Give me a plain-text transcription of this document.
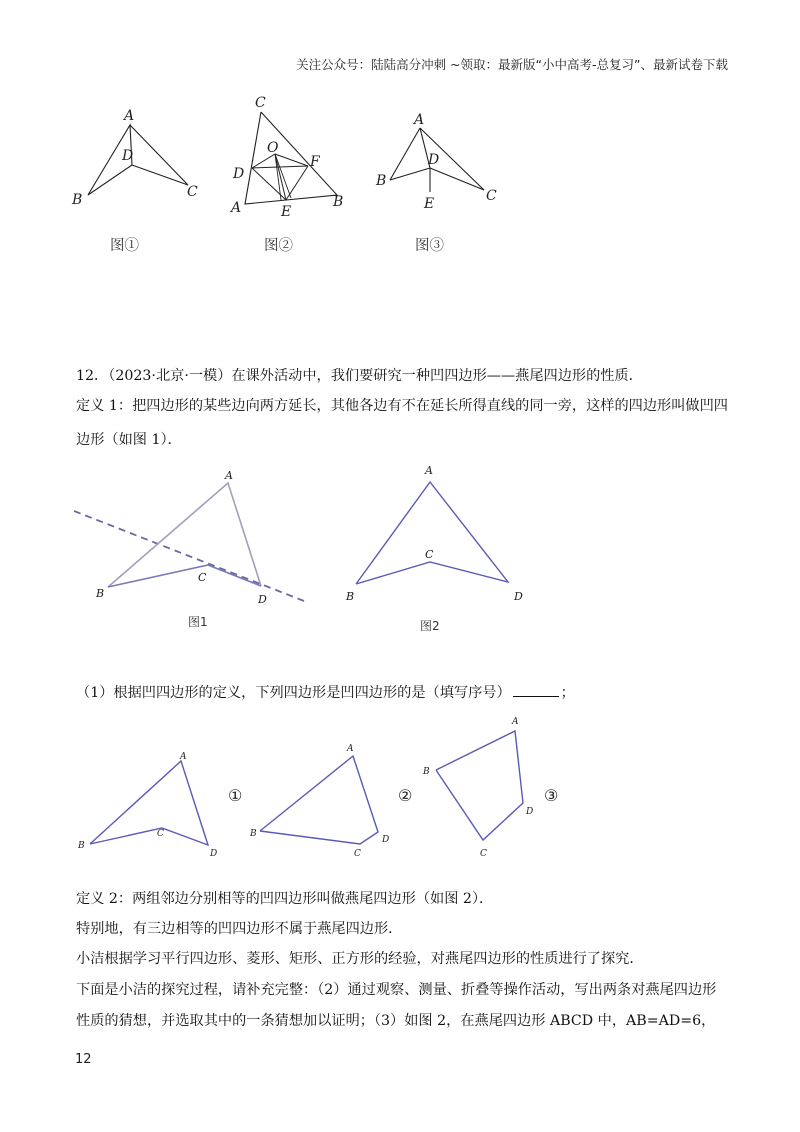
关注公众号：陆陆高分冲刺 ~领取：最新版“小中高考-总复习”、最新试卷下载
A
D
B	C
图①
C
O
F
D
A	E
B
图②
A
D
B
C
E
图③
12．（2023·北京·一模）在课外活动中，我们要研究一种凹四边形——燕尾四边形的性质．
定义 1：把四边形的某些边向两方延长，其他各边有不在延长所得直线的同一旁，这样的四边形叫做凹四
边形（如图 1）．
A
B
C
D
图1
A
C
B	D
图2
（1）根据凹四边形的定义，下列四边形是凹四边形的是（填写序号）	；
A
B
C
D
①
A
B
C
D
②
A
B
D
C
③
定义 2：两组邻边分别相等的凹四边形叫做燕尾四边形（如图 2）．
特别地，有三边相等的凹四边形不属于燕尾四边形．
小洁根据学习平行四边形、菱形、矩形、正方形的经验，对燕尾四边形的性质进行了探究．
下面是小洁的探究过程，请补充完整：（2）通过观察、测量、折叠等操作活动，写出两条对燕尾四边形
性质的猜想，并选取其中的一条猜想加以证明；（3）如图 2，在燕尾四边形 ABCD 中，AB=AD=6，
12
